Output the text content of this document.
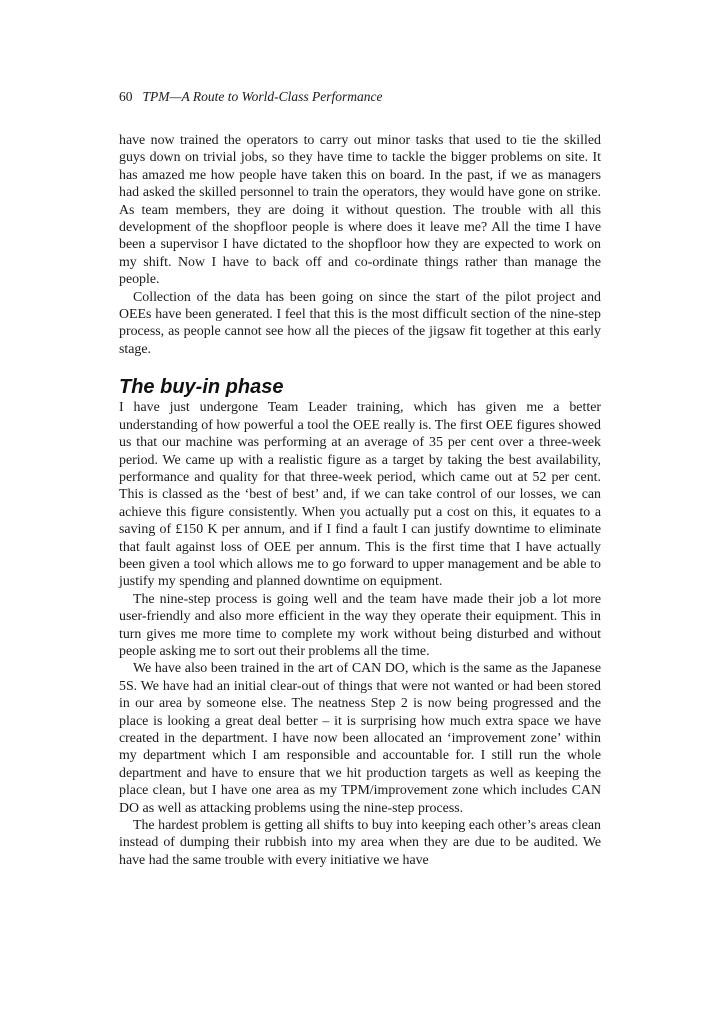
60 TPM—A Route to World-Class Performance

have now trained the operators to carry out minor tasks that used to tie the skilled guys down on trivial jobs, so they have time to tackle the bigger problems on site. It has amazed me how people have taken this on board. In the past, if we as managers had asked the skilled personnel to train the operators, they would have gone on strike. As team members, they are doing it without question. The trouble with all this development of the shopfloor people is where does it leave me? All the time I have been a supervisor I have dictated to the shopfloor how they are expected to work on my shift. Now I have to back off and co-ordinate things rather than manage the people.

Collection of the data has been going on since the start of the pilot project and OEEs have been generated. I feel that this is the most difficult section of the nine-step process, as people cannot see how all the pieces of the jigsaw fit together at this early stage.

The buy-in phase

I have just undergone Team Leader training, which has given me a better understanding of how powerful a tool the OEE really is. The first OEE figures showed us that our machine was performing at an average of 35 per cent over a three-week period. We came up with a realistic figure as a target by taking the best availability, performance and quality for that three-week period, which came out at 52 per cent. This is classed as the ‘best of best’ and, if we can take control of our losses, we can achieve this figure consistently. When you actually put a cost on this, it equates to a saving of £150 K per annum, and if I find a fault I can justify downtime to eliminate that fault against loss of OEE per annum. This is the first time that I have actually been given a tool which allows me to go forward to upper management and be able to justify my spending and planned downtime on equipment.

The nine-step process is going well and the team have made their job a lot more user-friendly and also more efficient in the way they operate their equipment. This in turn gives me more time to complete my work without being disturbed and without people asking me to sort out their problems all the time.

We have also been trained in the art of CAN DO, which is the same as the Japanese 5S. We have had an initial clear-out of things that were not wanted or had been stored in our area by someone else. The neatness Step 2 is now being progressed and the place is looking a great deal better – it is surprising how much extra space we have created in the department. I have now been allocated an ‘improvement zone’ within my department which I am responsible and accountable for. I still run the whole department and have to ensure that we hit production targets as well as keeping the place clean, but I have one area as my TPM/improvement zone which includes CAN DO as well as attacking problems using the nine-step process.

The hardest problem is getting all shifts to buy into keeping each other’s areas clean instead of dumping their rubbish into my area when they are due to be audited. We have had the same trouble with every initiative we have
